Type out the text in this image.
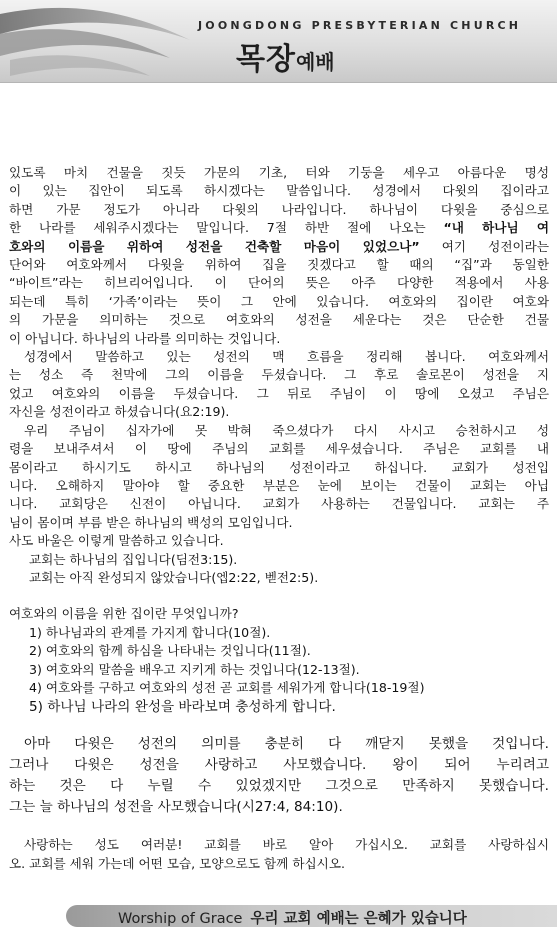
JOONGDONG PRESBYTERIAN CHURCH
목장예배
있도록 마치 건물을 짓듯 가문의 기초, 터와 기둥을 세우고 아름다운 명성
이 있는 집안이 되도록 하시겠다는 말씀입니다. 성경에서 다윗의 집이라고
하면 가문 정도가 아니라 다윗의 나라입니다. 하나님이 다윗을 중심으로
한 나라를 세워주시겠다는 말입니다. 7절 하반 절에 나오는 “내 하나님 여
호와의 이름을 위하여 성전을 건축할 마음이 있었으나” 여기 성전이라는
단어와 여호와께서 다윗을 위하여 집을 짓겠다고 할 때의 “집”과 동일한
“바이트”라는 히브리어입니다. 이 단어의 뜻은 아주 다양한 적용에서 사용
되는데 특히 ‘가족’이라는 뜻이 그 안에 있습니다. 여호와의 집이란 여호와
의 가문을 의미하는 것으로 여호와의 성전을 세운다는 것은 단순한 건물
이 아닙니다. 하나님의 나라를 의미하는 것입니다.
성경에서 말씀하고 있는 성전의 맥 흐름을 정리해 봅니다. 여호와께서
는 성소 즉 천막에 그의 이름을 두셨습니다. 그 후로 솔로몬이 성전을 지
었고 여호와의 이름을 두셨습니다. 그 뒤로 주님이 이 땅에 오셨고 주님은
자신을 성전이라고 하셨습니다(요2:19).
우리 주님이 십자가에 못 박혀 죽으셨다가 다시 사시고 승천하시고 성
령을 보내주셔서 이 땅에 주님의 교회를 세우셨습니다. 주님은 교회를 내
몸이라고 하시기도 하시고 하나님의 성전이라고 하십니다. 교회가 성전입
니다. 오해하지 말아야 할 중요한 부분은 눈에 보이는 건물이 교회는 아닙
니다. 교회당은 신전이 아닙니다. 교회가 사용하는 건물입니다. 교회는 주
님이 몸이며 부름 받은 하나님의 백성의 모임입니다.
사도 바울은 이렇게 말씀하고 있습니다.
교회는 하나님의 집입니다(딤전3:15).
교회는 아직 완성되지 않았습니다(엡2:22, 벧전2:5).
여호와의 이름을 위한 집이란 무엇입니까?
1) 하나님과의 관계를 가지게 합니다(10절).
2) 여호와의 함께 하심을 나타내는 것입니다(11절).
3) 여호와의 말씀을 배우고 지키게 하는 것입니다(12-13절).
4) 여호와를 구하고 여호와의 성전 곧 교회를 세워가게 합니다(18-19절)
5) 하나님 나라의 완성을 바라보며 충성하게 합니다.
아마 다윗은 성전의 의미를 충분히 다 깨닫지 못했을 것입니다.
그러나 다윗은 성전을 사랑하고 사모했습니다. 왕이 되어 누리려고
하는 것은 다 누릴 수 있었겠지만 그것으로 만족하지 못했습니다.
그는 늘 하나님의 성전을 사모했습니다(시27:4, 84:10).
사랑하는 성도 여러분! 교회를 바로 알아 가십시오. 교회를 사랑하십시
오. 교회를 세워 가는데 어떤 모습, 모양으로도 함께 하십시오.
Worship of Grace 우리 교회 예배는 은혜가 있습니다
